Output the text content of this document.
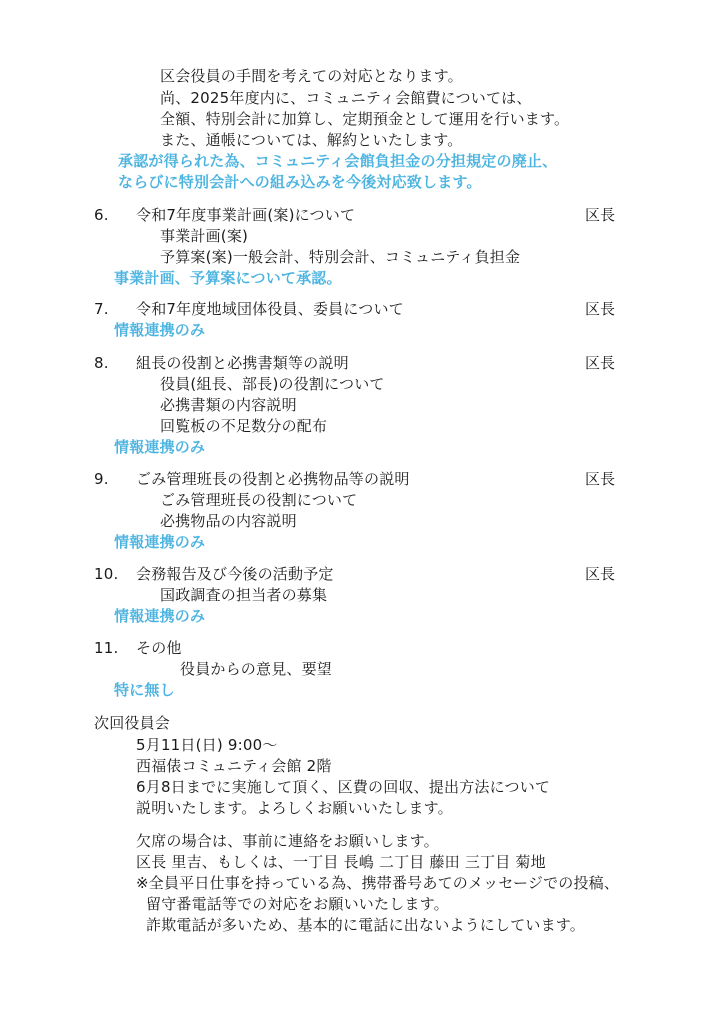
区会役員の手間を考えての対応となります。
尚、2025年度内に、コミュニティ会館費については、
全額、特別会計に加算し、定期預金として運用を行います。
また、通帳については、解約といたします。
承認が得られた為、コミュニティ会館負担金の分担規定の廃止、
ならびに特別会計への組み込みを今後対応致します。
6. 令和7年度事業計画(案)について	区長
事業計画(案)
予算案(案)一般会計、特別会計、コミュニティ負担金
事業計画、予算案について承認。
7. 令和7年度地域団体役員、委員について	区長
情報連携のみ
8. 組長の役割と必携書類等の説明	区長
役員(組長、部長)の役割について
必携書類の内容説明
回覧板の不足数分の配布
情報連携のみ
9. ごみ管理班長の役割と必携物品等の説明	区長
ごみ管理班長の役割について
必携物品の内容説明
情報連携のみ
10. 会務報告及び今後の活動予定	区長
国政調査の担当者の募集
情報連携のみ
11. その他
役員からの意見、要望
特に無し
次回役員会
5月11日(日) 9:00～
西福俵コミュニティ会館 2階
6月8日までに実施して頂く、区費の回収、提出方法について
説明いたします。よろしくお願いいたします。
欠席の場合は、事前に連絡をお願いします。
区長 里吉、もしくは、一丁目 長嶋 二丁目 藤田 三丁目 菊地
※全員平日仕事を持っている為、携帯番号あてのメッセージでの投稿、
留守番電話等での対応をお願いいたします。
詐欺電話が多いため、基本的に電話に出ないようにしています。
